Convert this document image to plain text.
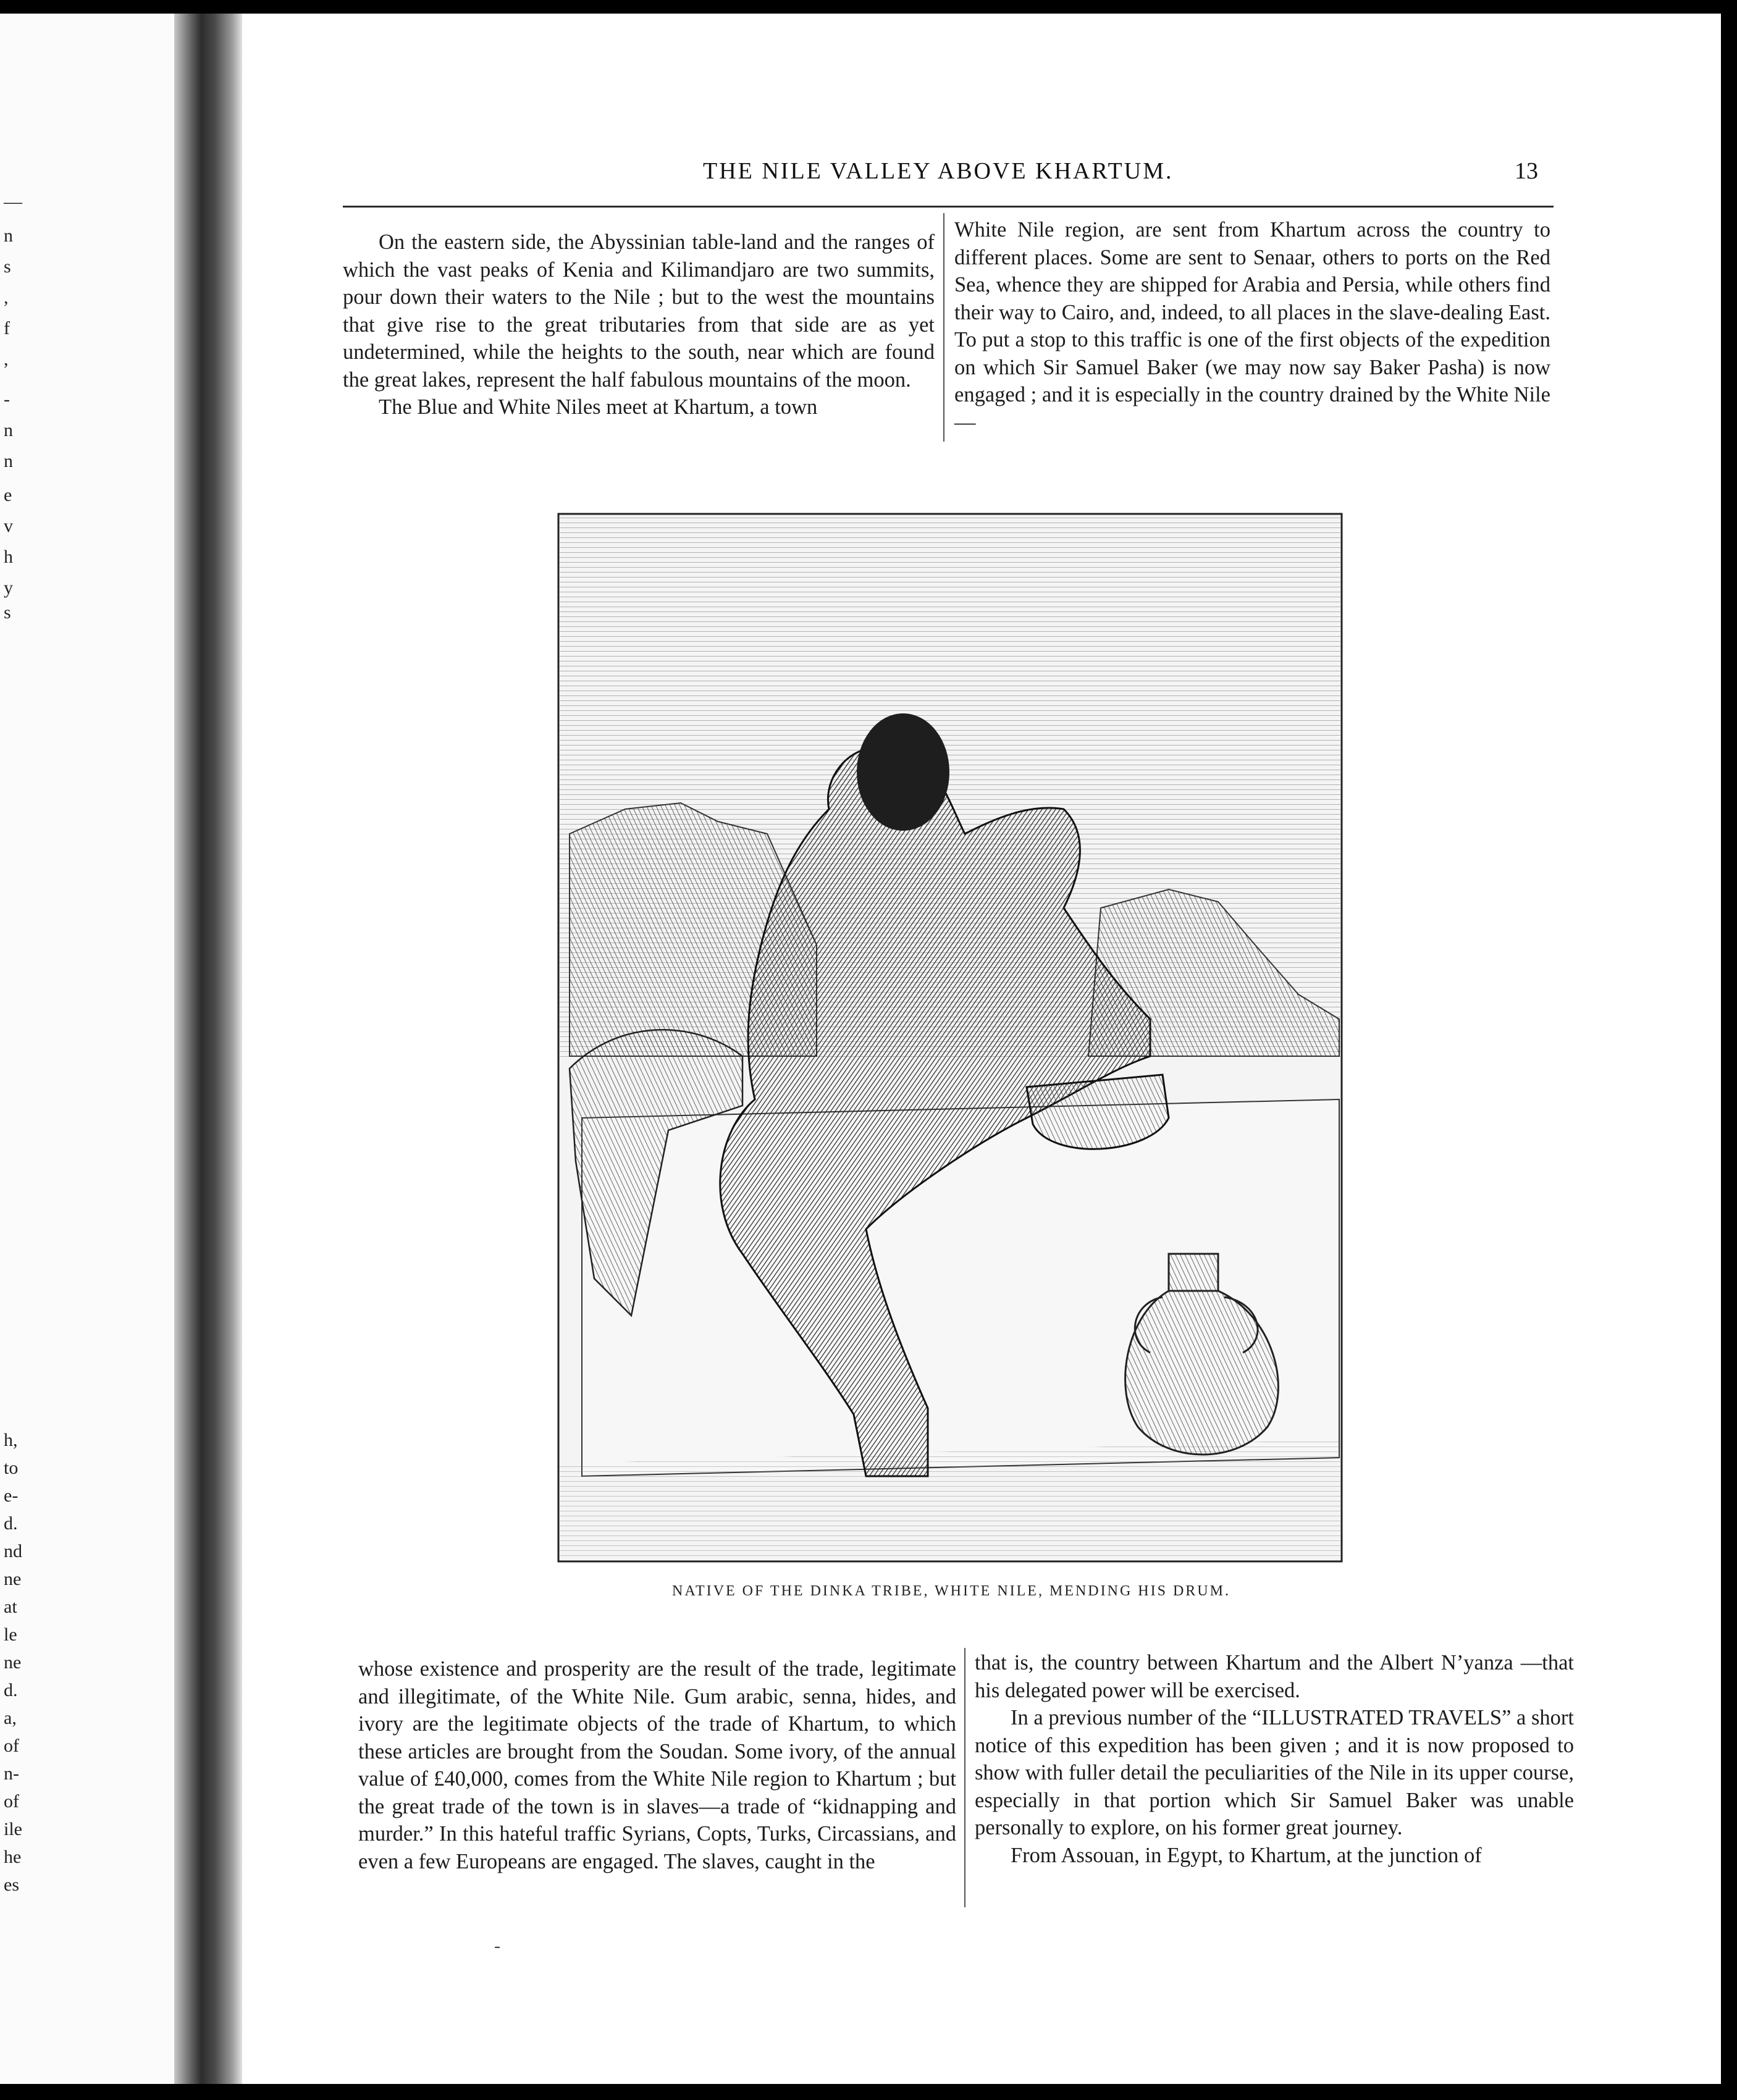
—
n
s
,
f
,
-
n
n
e
v
h
y
s
h,
to
e-
d.
nd
ne
at
le
ne
d.
a,
of
n-
of
ile
he
es
THE NILE VALLEY ABOVE KHARTUM.	13

On the eastern side, the Abyssinian table-land and the ranges of which the vast peaks of Kenia and Kilimandjaro are two summits, pour down their waters to the Nile ; but to the west the mountains that give rise to the great tributaries from that side are as yet undetermined, while the heights to the south, near which are found the great lakes, represent the half fabulous mountains of the moon.

The Blue and White Niles meet at Khartum, a town

White Nile region, are sent from Khartum across the country to different places. Some are sent to Senaar, others to ports on the Red Sea, whence they are shipped for Arabia and Persia, while others find their way to Cairo, and, indeed, to all places in the slave-dealing East. To put a stop to this traffic is one of the first objects of the expedition on which Sir Samuel Baker (we may now say Baker Pasha) is now engaged ; and it is especially in the country drained by the White Nile—

NATIVE OF THE DINKA TRIBE, WHITE NILE, MENDING HIS DRUM.

whose existence and prosperity are the result of the trade, legitimate and illegitimate, of the White Nile. Gum arabic, senna, hides, and ivory are the legitimate objects of the trade of Khartum, to which these articles are brought from the Soudan. Some ivory, of the annual value of £40,000, comes from the White Nile region to Khartum ; but the great trade of the town is in slaves—a trade of “kidnapping and murder.” In this hateful traffic Syrians, Copts, Turks, Circassians, and even a few Europeans are engaged. The slaves, caught in the

that is, the country between Khartum and the Albert N’yanza —that his delegated power will be exercised.

In a previous number of the “ILLUSTRATED TRAVELS” a short notice of this expedition has been given ; and it is now proposed to show with fuller detail the peculiarities of the Nile in its upper course, especially in that portion which Sir Samuel Baker was unable personally to explore, on his former great journey.

From Assouan, in Egypt, to Khartum, at the junction of

-
